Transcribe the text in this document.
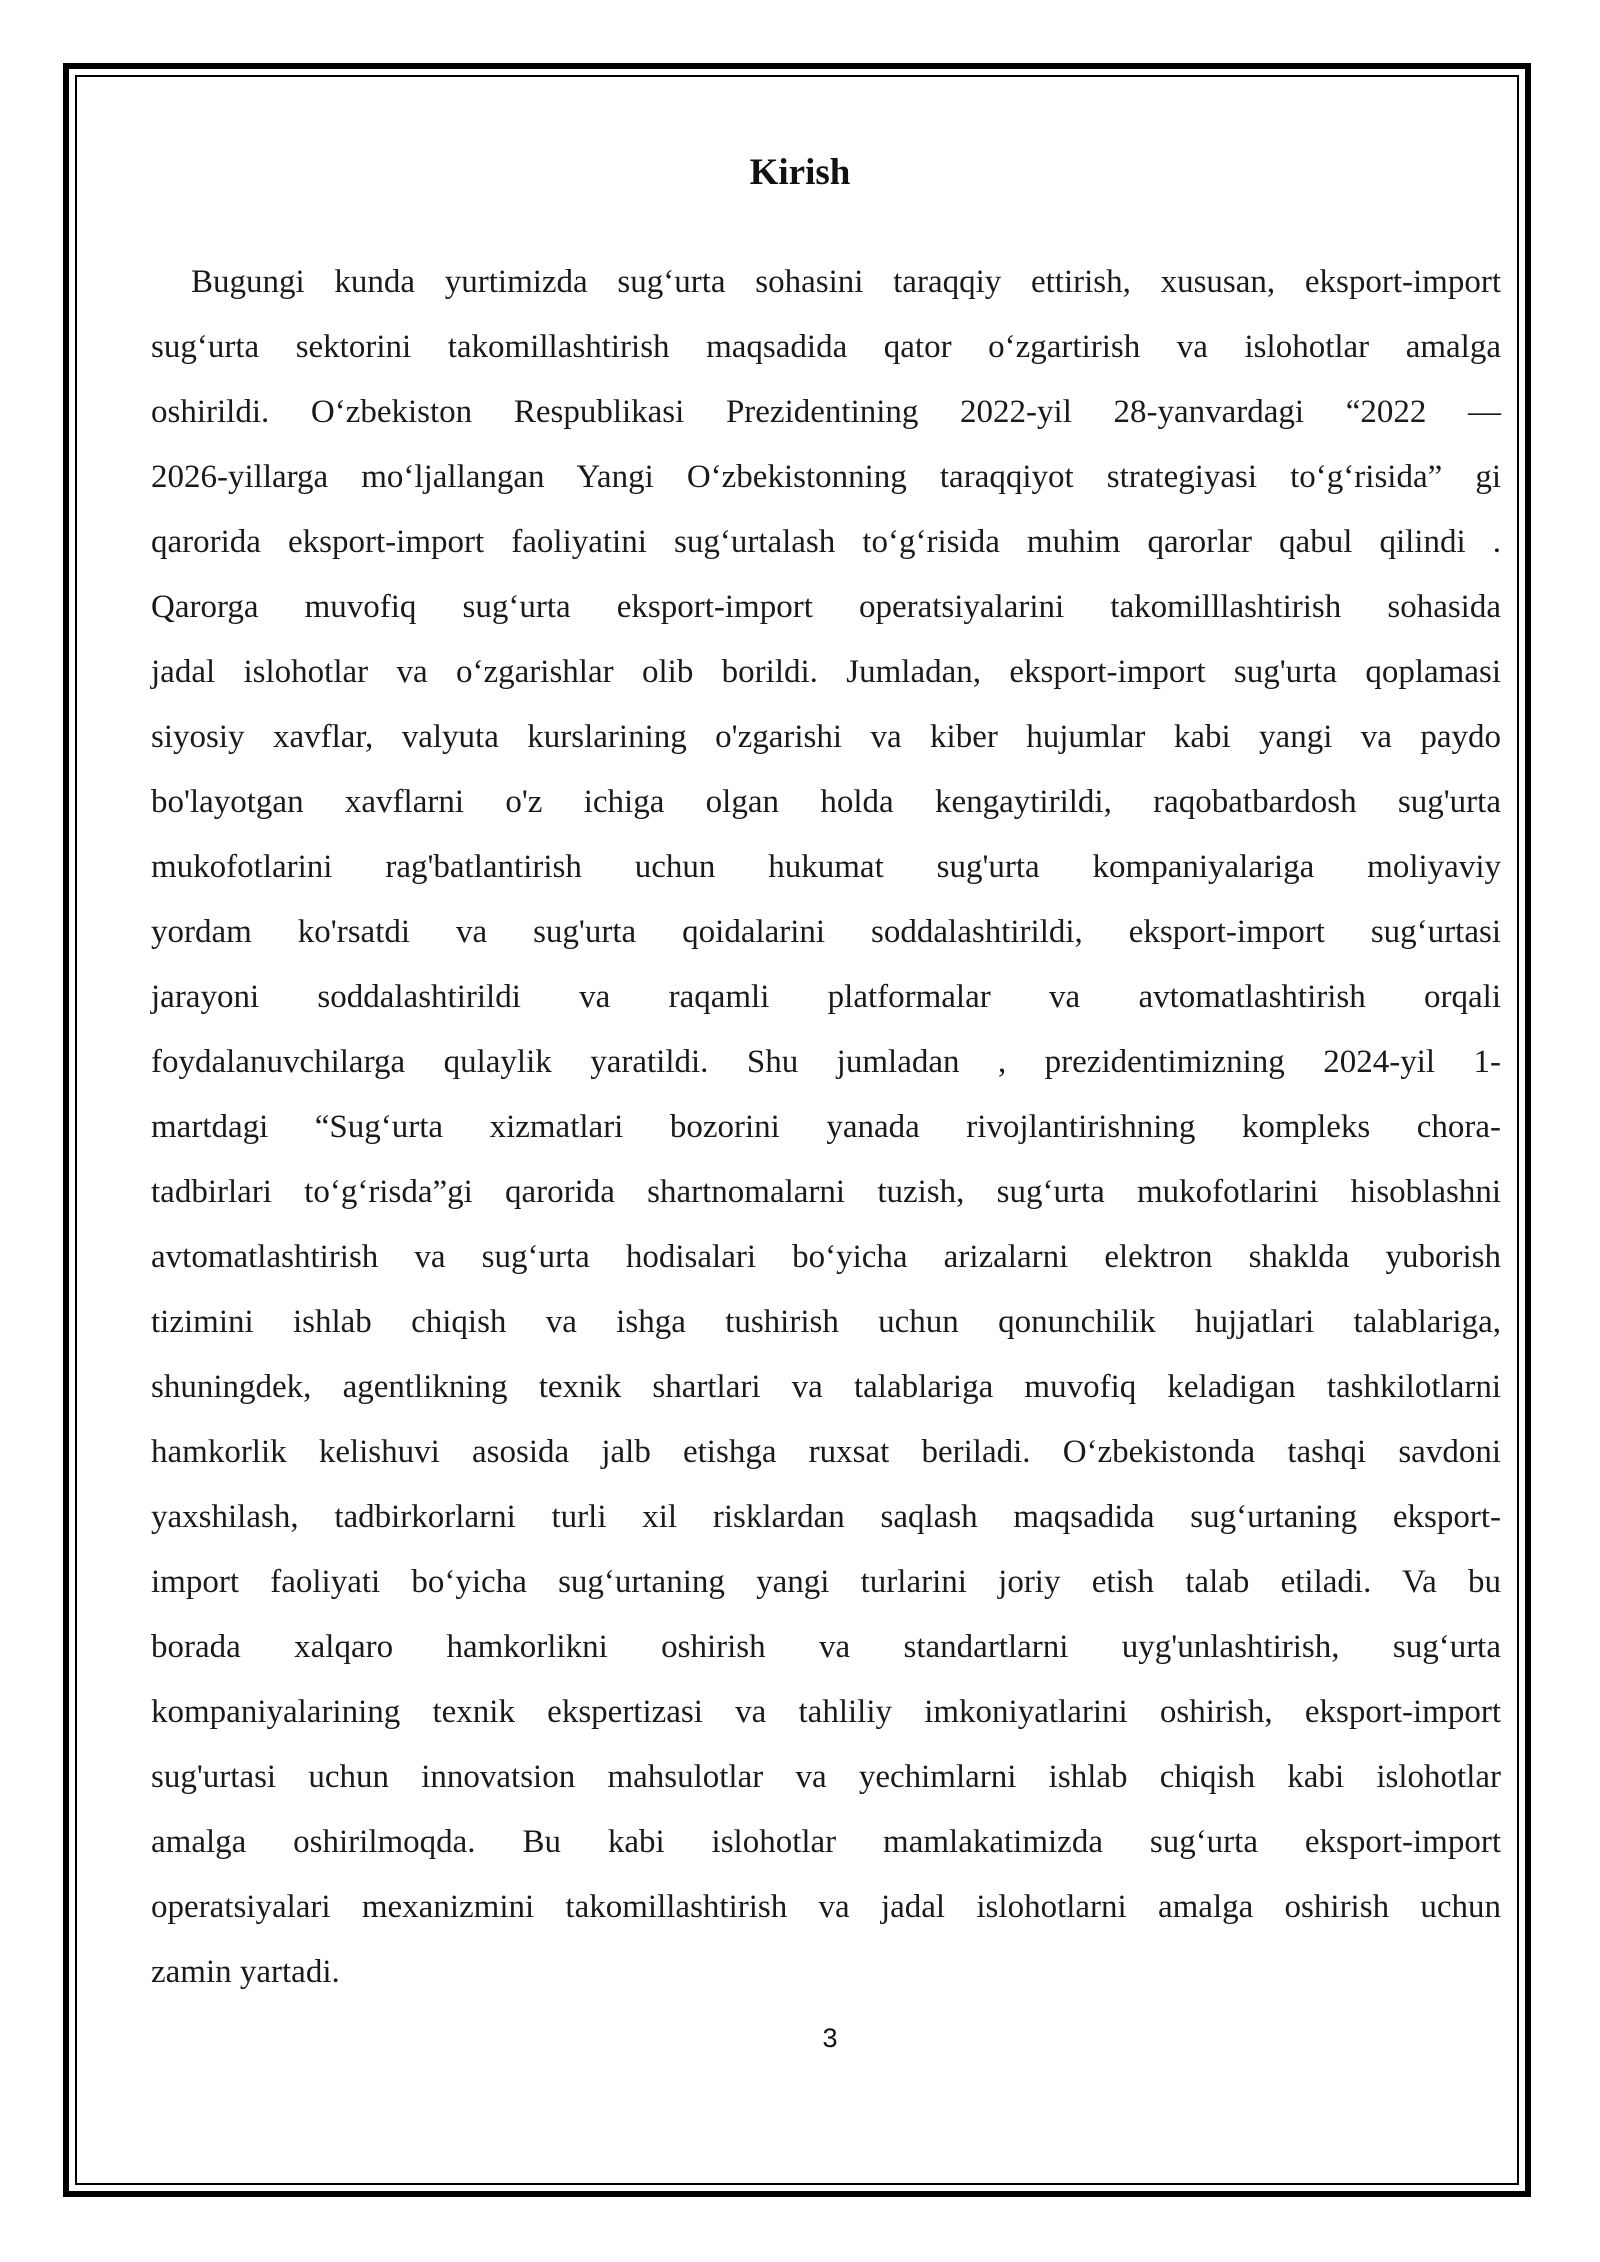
Kirish
Bugungi kunda yurtimizda sug‘urta sohasini taraqqiy ettirish, xususan, eksport-import
sug‘urta sektorini takomillashtirish maqsadida qator o‘zgartirish va islohotlar amalga
oshirildi. O‘zbekiston Respublikasi Prezidentining 2022-yil 28-yanvardagi “2022 —
2026-yillarga mo‘ljallangan Yangi O‘zbekistonning taraqqiyot strategiyasi to‘g‘risida” gi
qarorida eksport-import faoliyatini sug‘urtalash to‘g‘risida muhim qarorlar qabul qilindi .
Qarorga muvofiq sug‘urta eksport-import operatsiyalarini takomilllashtirish sohasida
jadal islohotlar va o‘zgarishlar olib borildi. Jumladan, eksport-import sug'urta qoplamasi
siyosiy xavflar, valyuta kurslarining o'zgarishi va kiber hujumlar kabi yangi va paydo
bo'layotgan xavflarni o'z ichiga olgan holda kengaytirildi, raqobatbardosh sug'urta
mukofotlarini rag'batlantirish uchun hukumat sug'urta kompaniyalariga moliyaviy
yordam ko'rsatdi va sug'urta qoidalarini soddalashtirildi, eksport-import sug‘urtasi
jarayoni soddalashtirildi va raqamli platformalar va avtomatlashtirish orqali
foydalanuvchilarga qulaylik yaratildi. Shu jumladan , prezidentimizning 2024-yil 1-
martdagi “Sug‘urta xizmatlari bozorini yanada rivojlantirishning kompleks chora-
tadbirlari to‘g‘risda”gi qarorida shartnomalarni tuzish, sug‘urta mukofotlarini hisoblashni
avtomatlashtirish va sug‘urta hodisalari bo‘yicha arizalarni elektron shaklda yuborish
tizimini ishlab chiqish va ishga tushirish uchun qonunchilik hujjatlari talablariga,
shuningdek, agentlikning texnik shartlari va talablariga muvofiq keladigan tashkilotlarni
hamkorlik kelishuvi asosida jalb etishga ruxsat beriladi. O‘zbekistonda tashqi savdoni
yaxshilash, tadbirkorlarni turli xil risklardan saqlash maqsadida sug‘urtaning eksport-
import faoliyati bo‘yicha sug‘urtaning yangi turlarini joriy etish talab etiladi. Va bu
borada xalqaro hamkorlikni oshirish va standartlarni uyg'unlashtirish, sug‘urta
kompaniyalarining texnik ekspertizasi va tahliliy imkoniyatlarini oshirish, eksport-import
sug'urtasi uchun innovatsion mahsulotlar va yechimlarni ishlab chiqish kabi islohotlar
amalga oshirilmoqda. Bu kabi islohotlar mamlakatimizda sug‘urta eksport-import
operatsiyalari mexanizmini takomillashtirish va jadal islohotlarni amalga oshirish uchun
zamin yartadi.
3
